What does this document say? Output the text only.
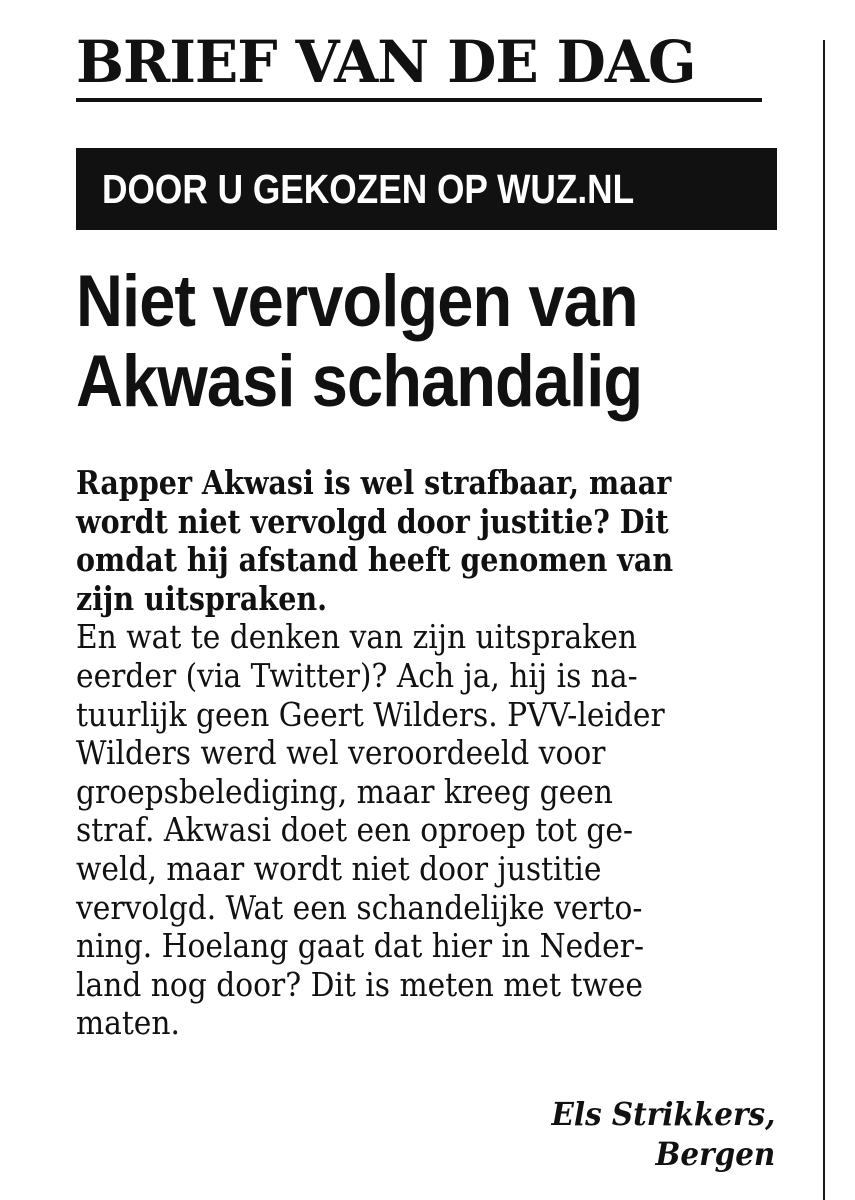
BRIEF VAN DE DAG
DOOR U GEKOZEN OP WUZ.NL
Niet vervolgen van
Akwasi schandalig
Rapper Akwasi is wel strafbaar, maar
wordt niet vervolgd door justitie? Dit
omdat hij afstand heeft genomen van
zijn uitspraken.
En wat te denken van zijn uitspraken
eerder (via Twitter)? Ach ja, hij is na-
tuurlijk geen Geert Wilders. PVV-leider
Wilders werd wel veroordeeld voor
groepsbelediging, maar kreeg geen
straf. Akwasi doet een oproep tot ge-
weld, maar wordt niet door justitie
vervolgd. Wat een schandelijke verto-
ning. Hoelang gaat dat hier in Neder-
land nog door? Dit is meten met twee
maten.
Els Strikkers,
Bergen
